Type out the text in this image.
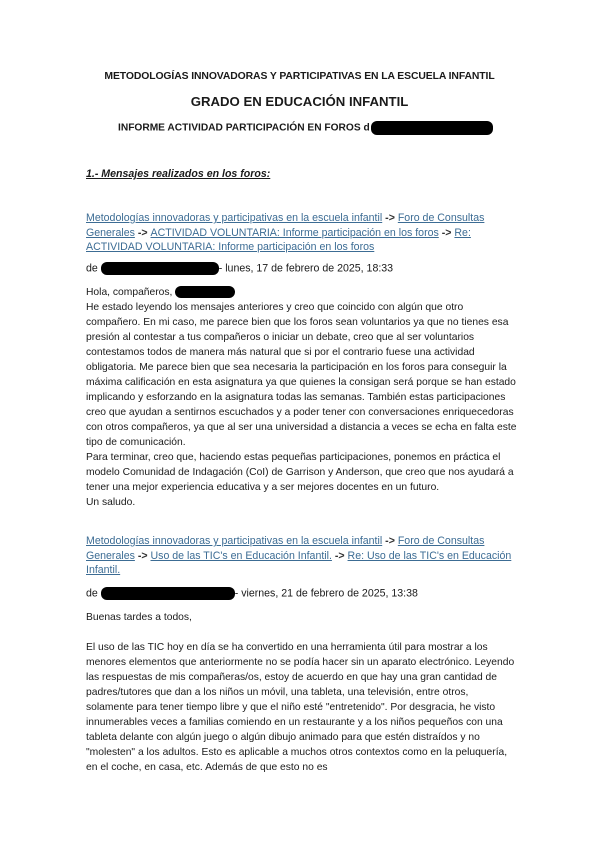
METODOLOGÍAS INNOVADORAS Y PARTICIPATIVAS EN LA ESCUELA INFANTIL
GRADO EN EDUCACIÓN INFANTIL
INFORME ACTIVIDAD PARTICIPACIÓN EN FOROS d
1.- Mensajes realizados en los foros:
Metodologías innovadoras y participativas en la escuela infantil -> Foro de Consultas Generales -> ACTIVIDAD VOLUNTARIA: Informe participación en los foros -> Re: ACTIVIDAD VOLUNTARIA: Informe participación en los foros
de	- lunes, 17 de febrero de 2025, 18:33

Hola, compañeros,

He estado leyendo los mensajes anteriores y creo que coincido con algún que otro compañero. En mi caso, me parece bien que los foros sean voluntarios ya que no tienes esa presión al contestar a tus compañeros o iniciar un debate, creo que al ser voluntarios contestamos todos de manera más natural que si por el contrario fuese una actividad obligatoria. Me parece bien que sea necesaria la participación en los foros para conseguir la máxima calificación en esta asignatura ya que quienes la consigan será porque se han estado implicando y esforzando en la asignatura todas las semanas. También estas participaciones creo que ayudan a sentirnos escuchados y a poder tener con conversaciones enriquecedoras con otros compañeros, ya que al ser una universidad a distancia a veces se echa en falta este tipo de comunicación.

Para terminar, creo que, haciendo estas pequeñas participaciones, ponemos en práctica el modelo Comunidad de Indagación (CoI) de Garrison y Anderson, que creo que nos ayudará a tener una mejor experiencia educativa y a ser mejores docentes en un futuro.

Un saludo.

Metodologías innovadoras y participativas en la escuela infantil -> Foro de Consultas Generales -> Uso de las TIC's en Educación Infantil. -> Re: Uso de las TIC's en Educación Infantil.
de	- viernes, 21 de febrero de 2025, 13:38

Buenas tardes a todos,

El uso de las TIC hoy en día se ha convertido en una herramienta útil para mostrar a los menores elementos que anteriormente no se podía hacer sin un aparato electrónico. Leyendo las respuestas de mis compañeras/os, estoy de acuerdo en que hay una gran cantidad de padres/tutores que dan a los niños un móvil, una tableta, una televisión, entre otros, solamente para tener tiempo libre y que el niño esté "entretenido". Por desgracia, he visto innumerables veces a familias comiendo en un restaurante y a los niños pequeños con una tableta delante con algún juego o algún dibujo animado para que estén distraídos y no "molesten" a los adultos. Esto es aplicable a muchos otros contextos como en la peluquería, en el coche, en casa, etc. Además de que esto no es
